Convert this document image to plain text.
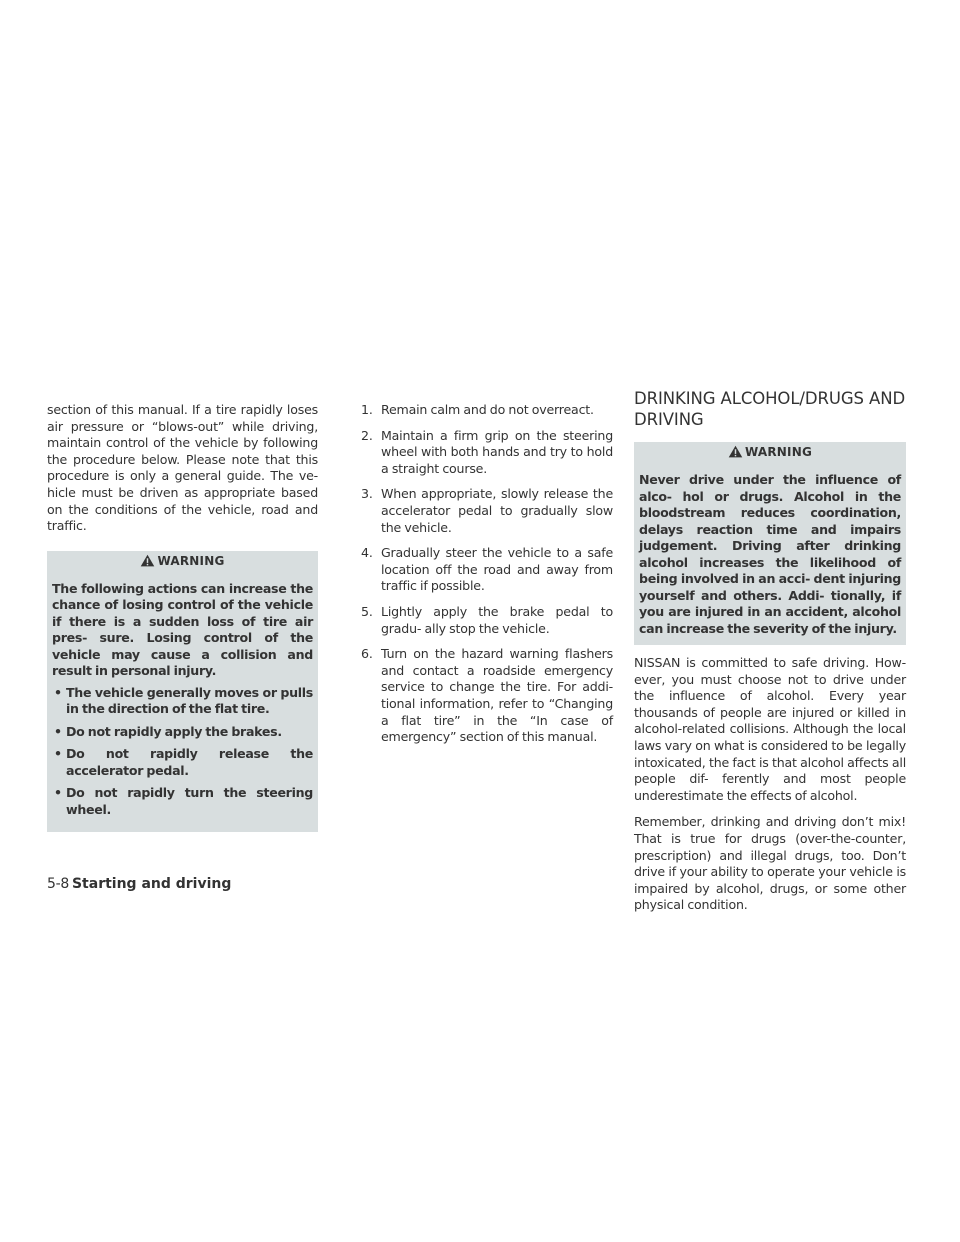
section of this manual. If a tire rapidly loses air pressure or “blows-out” while driving, maintain control of the vehicle by following the procedure below. Please note that this procedure is only a general guide. The ve- hicle must be driven as appropriate based on the conditions of the vehicle, road and traffic.

WARNING

The following actions can increase the chance of losing control of the vehicle if there is a sudden loss of tire air pres- sure. Losing control of the vehicle may cause a collision and result in personal injury.

• The vehicle generally moves or pulls in the direction of the flat tire.
• Do not rapidly apply the brakes.
• Do not rapidly release the accelerator pedal.
• Do not rapidly turn the steering wheel.
1. Remain calm and do not overreact.
2. Maintain a firm grip on the steering wheel with both hands and try to hold a straight course.
3. When appropriate, slowly release the accelerator pedal to gradually slow the vehicle.
4. Gradually steer the vehicle to a safe location off the road and away from traffic if possible.
5. Lightly apply the brake pedal to gradu- ally stop the vehicle.
6. Turn on the hazard warning flashers and contact a roadside emergency service to change the tire. For addi- tional information, refer to “Changing a flat tire” in the “In case of emergency” section of this manual.
DRINKING ALCOHOL/DRUGS AND DRIVING
WARNING

Never drive under the influence of alco- hol or drugs. Alcohol in the bloodstream reduces coordination, delays reaction time and impairs judgement. Driving after drinking alcohol increases the likelihood of being involved in an acci- dent injuring yourself and others. Addi- tionally, if you are injured in an accident, alcohol can increase the severity of the injury.

NISSAN is committed to safe driving. How- ever, you must choose not to drive under the influence of alcohol. Every year thousands of people are injured or killed in alcohol-related collisions. Although the local laws vary on what is considered to be legally intoxicated, the fact is that alcohol affects all people dif- ferently and most people underestimate the effects of alcohol.

Remember, drinking and driving don’t mix! That is true for drugs (over-the-counter, prescription) and illegal drugs, too. Don’t drive if your ability to operate your vehicle is impaired by alcohol, drugs, or some other physical condition.

5-8 Starting and driving
